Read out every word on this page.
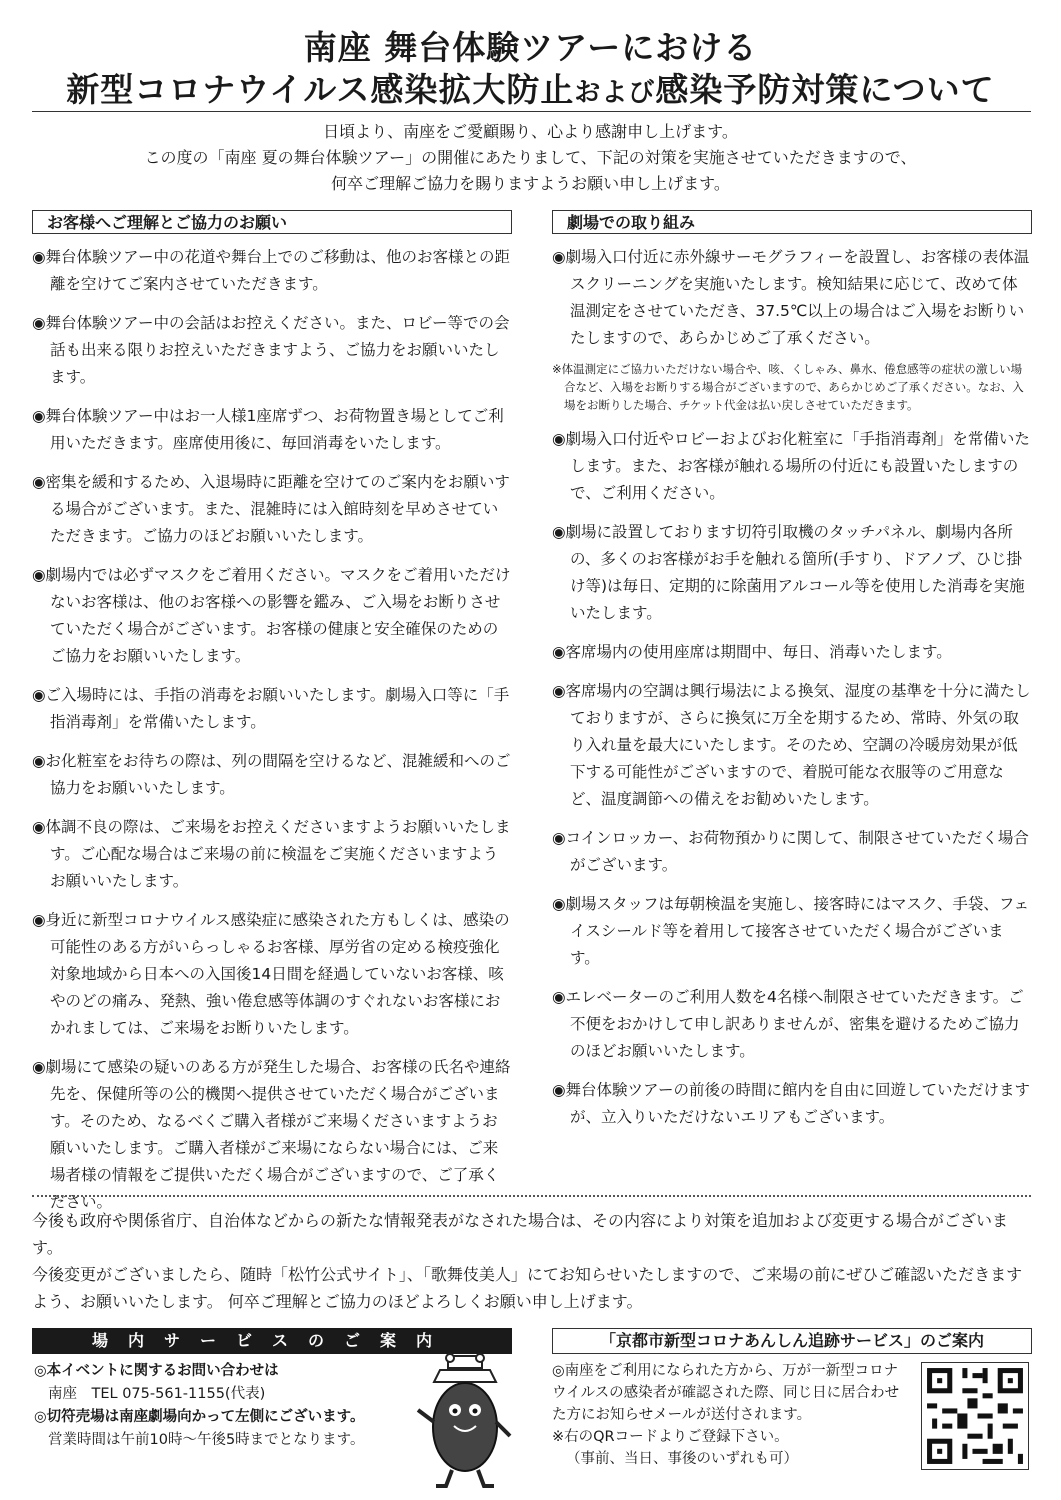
南座 舞台体験ツアーにおける
新型コロナウイルス感染拡大防止および感染予防対策について
日頃より、南座をご愛顧賜り、心より感謝申し上げます。
この度の「南座 夏の舞台体験ツアー」の開催にあたりまして、下記の対策を実施させていただきますので、
何卒ご理解ご協力を賜りますようお願い申し上げます。
お客様へご理解とご協力のお願い	劇場での取り組み
◉舞台体験ツアー中の花道や舞台上でのご移動は、他のお客様との距離を空けてご案内させていただきます。
◉舞台体験ツアー中の会話はお控えください。また、ロビー等での会話も出来る限りお控えいただきますよう、ご協力をお願いいたします。
◉舞台体験ツアー中はお一人様1座席ずつ、お荷物置き場としてご利用いただきます。座席使用後に、毎回消毒をいたします。
◉密集を緩和するため、入退場時に距離を空けてのご案内をお願いする場合がございます。また、混雑時には入館時刻を早めさせていただきます。ご協力のほどお願いいたします。
◉劇場内では必ずマスクをご着用ください。マスクをご着用いただけないお客様は、他のお客様への影響を鑑み、ご入場をお断りさせていただく場合がございます。お客様の健康と安全確保のためのご協力をお願いいたします。
◉ご入場時には、手指の消毒をお願いいたします。劇場入口等に「手指消毒剤」を常備いたします。
◉お化粧室をお待ちの際は、列の間隔を空けるなど、混雑緩和へのご協力をお願いいたします。
◉体調不良の際は、ご来場をお控えくださいますようお願いいたします。ご心配な場合はご来場の前に検温をご実施くださいますようお願いいたします。
◉身近に新型コロナウイルス感染症に感染された方もしくは、感染の可能性のある方がいらっしゃるお客様、厚労省の定める検疫強化対象地域から日本への入国後14日間を経過していないお客様、咳やのどの痛み、発熱、強い倦怠感等体調のすぐれないお客様におかれましては、ご来場をお断りいたします。
◉劇場にて感染の疑いのある方が発生した場合、お客様の氏名や連絡先を、保健所等の公的機関へ提供させていただく場合がございます。そのため、なるべくご購入者様がご来場くださいますようお願いいたします。ご購入者様がご来場にならない場合には、ご来場者様の情報をご提供いただく場合がございますので、ご了承ください。
◉劇場入口付近に赤外線サーモグラフィーを設置し、お客様の表体温スクリーニングを実施いたします。検知結果に応じて、改めて体温測定をさせていただき、37.5℃以上の場合はご入場をお断りいたしますので、あらかじめご了承ください。
※体温測定にご協力いただけない場合や、咳、くしゃみ、鼻水、倦怠感等の症状の激しい場合など、入場をお断りする場合がございますので、あらかじめご了承ください。なお、入場をお断りした場合、チケット代金は払い戻しさせていただきます。
◉劇場入口付近やロビーおよびお化粧室に「手指消毒剤」を常備いたします。また、お客様が触れる場所の付近にも設置いたしますので、ご利用ください。
◉劇場に設置しております切符引取機のタッチパネル、劇場内各所の、多くのお客様がお手を触れる箇所(手すり、ドアノブ、ひじ掛け等)は毎日、定期的に除菌用アルコール等を使用した消毒を実施いたします。
◉客席場内の使用座席は期間中、毎日、消毒いたします。
◉客席場内の空調は興行場法による換気、湿度の基準を十分に満たしておりますが、さらに換気に万全を期するため、常時、外気の取り入れ量を最大にいたします。そのため、空調の冷暖房効果が低下する可能性がございますので、着脱可能な衣服等のご用意など、温度調節への備えをお勧めいたします。
◉コインロッカー、お荷物預かりに関して、制限させていただく場合がございます。
◉劇場スタッフは毎朝検温を実施し、接客時にはマスク、手袋、フェイスシールド等を着用して接客させていただく場合がございます。
◉エレベーターのご利用人数を4名様へ制限させていただきます。ご不便をおかけして申し訳ありませんが、密集を避けるためご協力のほどお願いいたします。
◉舞台体験ツアーの前後の時間に館内を自由に回遊していただけますが、立入りいただけないエリアもございます。
今後も政府や関係省庁、自治体などからの新たな情報発表がなされた場合は、その内容により対策を追加および変更する場合がございます。
今後変更がございましたら、随時「松竹公式サイト」、「歌舞伎美人」にてお知らせいたしますので、ご来場の前にぜひご確認いただきますよう、お願いいたします。 何卒ご理解とご協力のほどよろしくお願い申し上げます。
場内サービスのご案内	「京都市新型コロナあんしん追跡サービス」のご案内
◎本イベントに関するお問い合わせは
南座　TEL 075-561-1155(代表)
◎切符売場は南座劇場向かって左側にございます。
営業時間は午前10時〜午後5時までとなります。
◎南座をご利用になられた方から、万が一新型コロナウイルスの感染者が確認された際、同じ日に居合わせた方にお知らせメールが送付されます。
※右のQRコードよりご登録下さい。
（事前、当日、事後のいずれも可）
